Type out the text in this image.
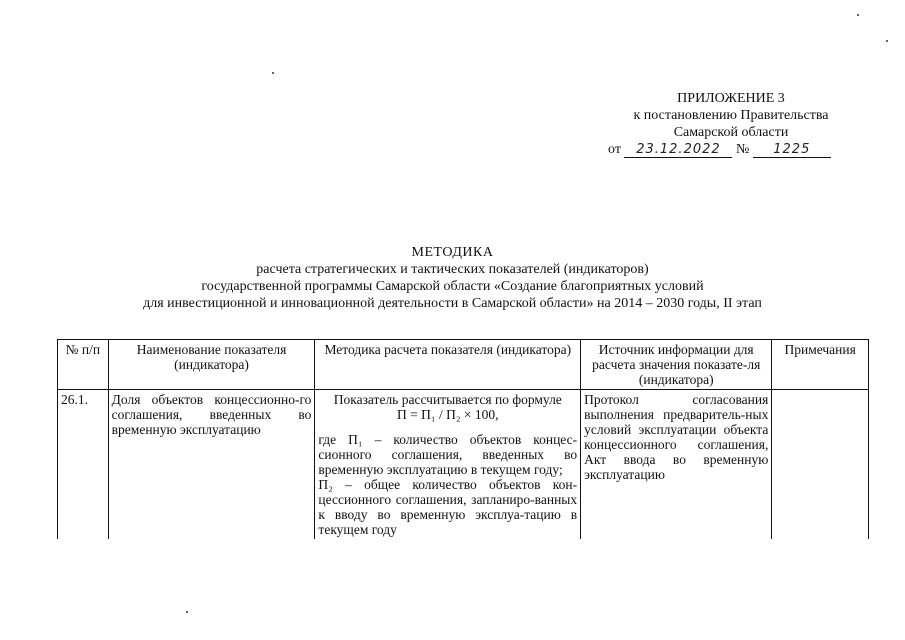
ПРИЛОЖЕНИЕ 3
к постановлению Правительства
Самарской области
от 23.12.2022 № 1225
МЕТОДИКА
расчета стратегических и тактических показателей (индикаторов)
государственной программы Самарской области «Создание благоприятных условий
для инвестиционной и инновационной деятельности в Самарской области» на 2014 – 2030 годы, II этап
№ п/п	Наименование показателя (индикатора)	Методика расчета показателя (индикатора)	Источник информации для расчета значения показате-ля (индикатора)	Примечания
26.1.	Доля объектов концессионно-го соглашения, введенных во временную эксплуатацию	Показатель рассчитывается по формуле
П = П₁ / П₂ × 100,
где П₁ – количество объектов концес-сионного соглашения, введенных во временную эксплуатацию в текущем году;
П₂ – общее количество объектов кон-цессионного соглашения, запланиро-ванных к вводу во временную эксплуа-тацию в текущем году	Протокол согласования выполнения предваритель-ных условий эксплуатации объекта концессионного соглашения, Акт ввода во временную эксплуатацию	
